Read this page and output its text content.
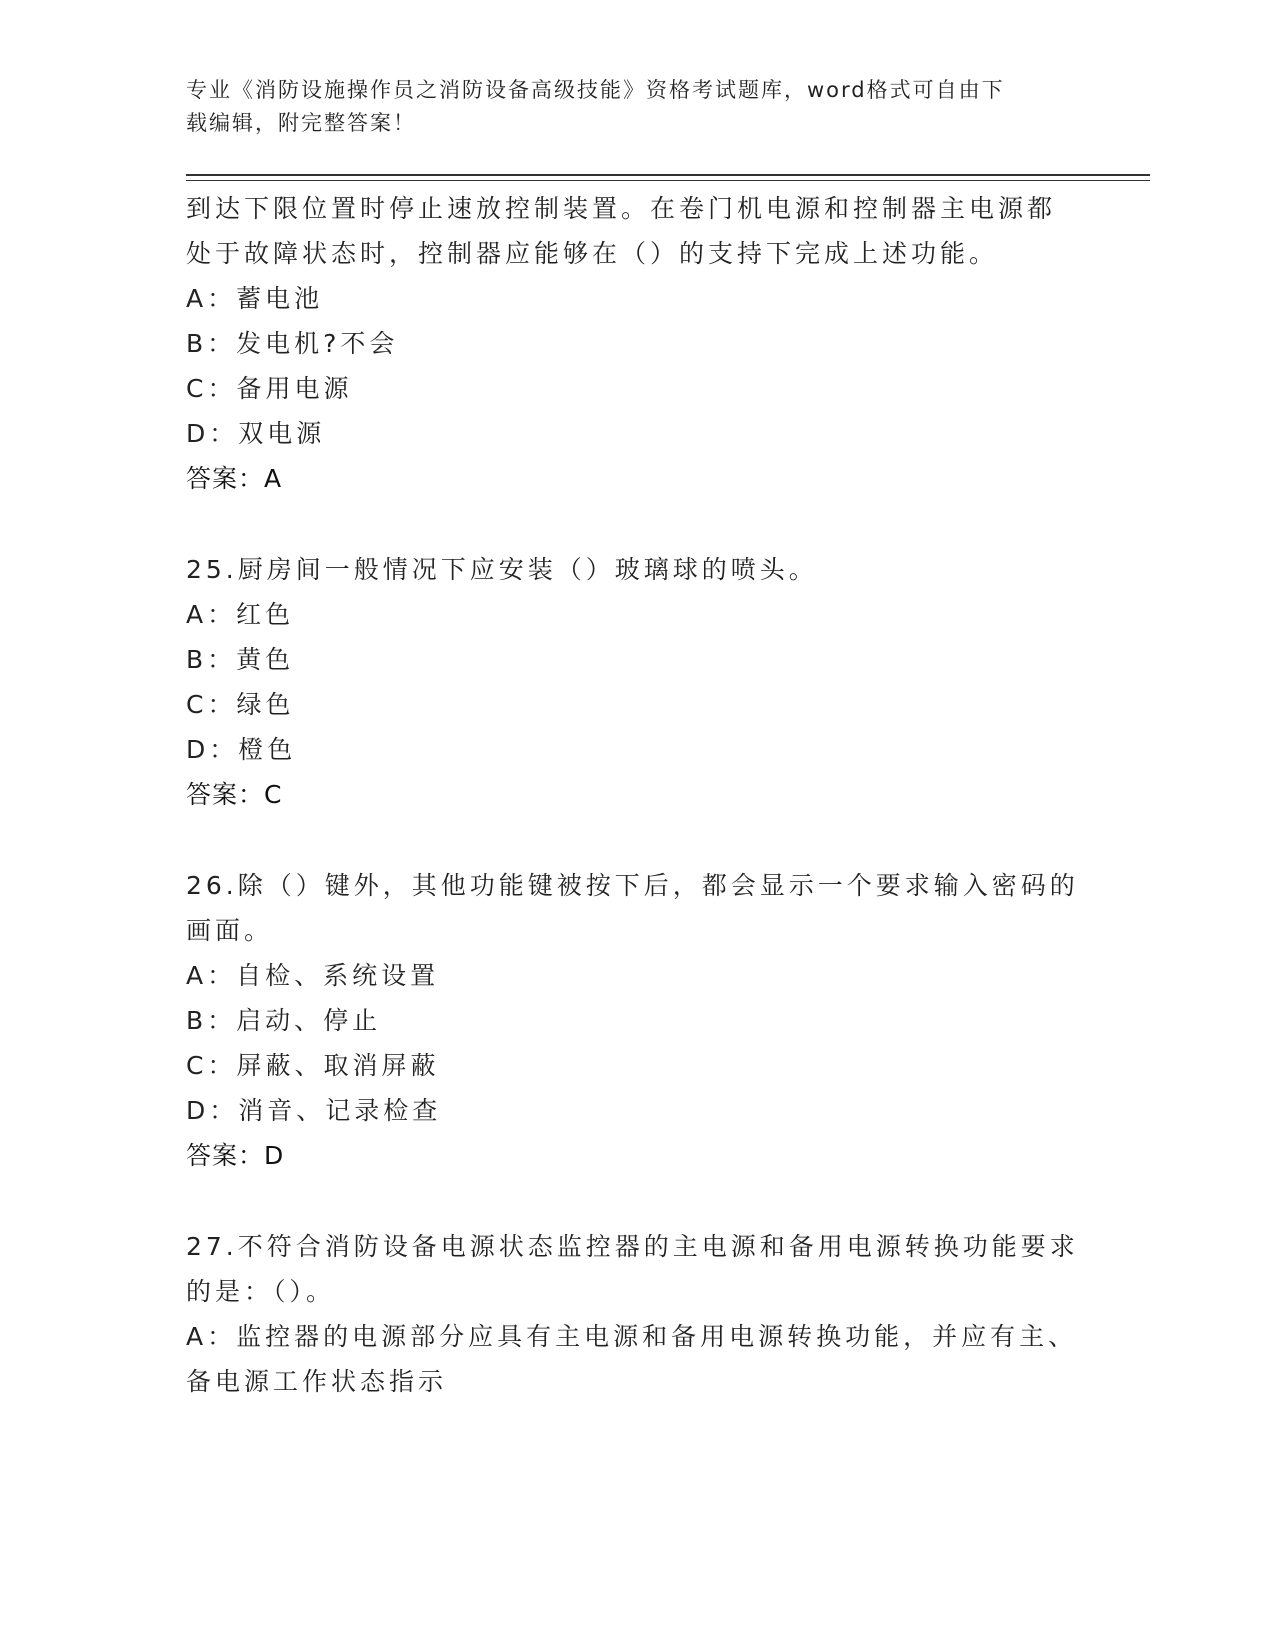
专业《消防设施操作员之消防设备高级技能》资格考试题库，word格式可自由下
载编辑，附完整答案！
到达下限位置时停止速放控制装置。在卷门机电源和控制器主电源都
处于故障状态时，控制器应能够在（）的支持下完成上述功能。
A：蓄电池
B：发电机?不会
C：备用电源
D：双电源
答案：A
25.厨房间一般情况下应安装（）玻璃球的喷头。
A：红色
B：黄色
C：绿色
D：橙色
答案：C
26.除（）键外，其他功能键被按下后，都会显示一个要求输入密码的
画面。
A：自检、系统设置
B：启动、停止
C：屏蔽、取消屏蔽
D：消音、记录检查
答案：D
27.不符合消防设备电源状态监控器的主电源和备用电源转换功能要求
的是：（）。
A：监控器的电源部分应具有主电源和备用电源转换功能，并应有主、
备电源工作状态指示
